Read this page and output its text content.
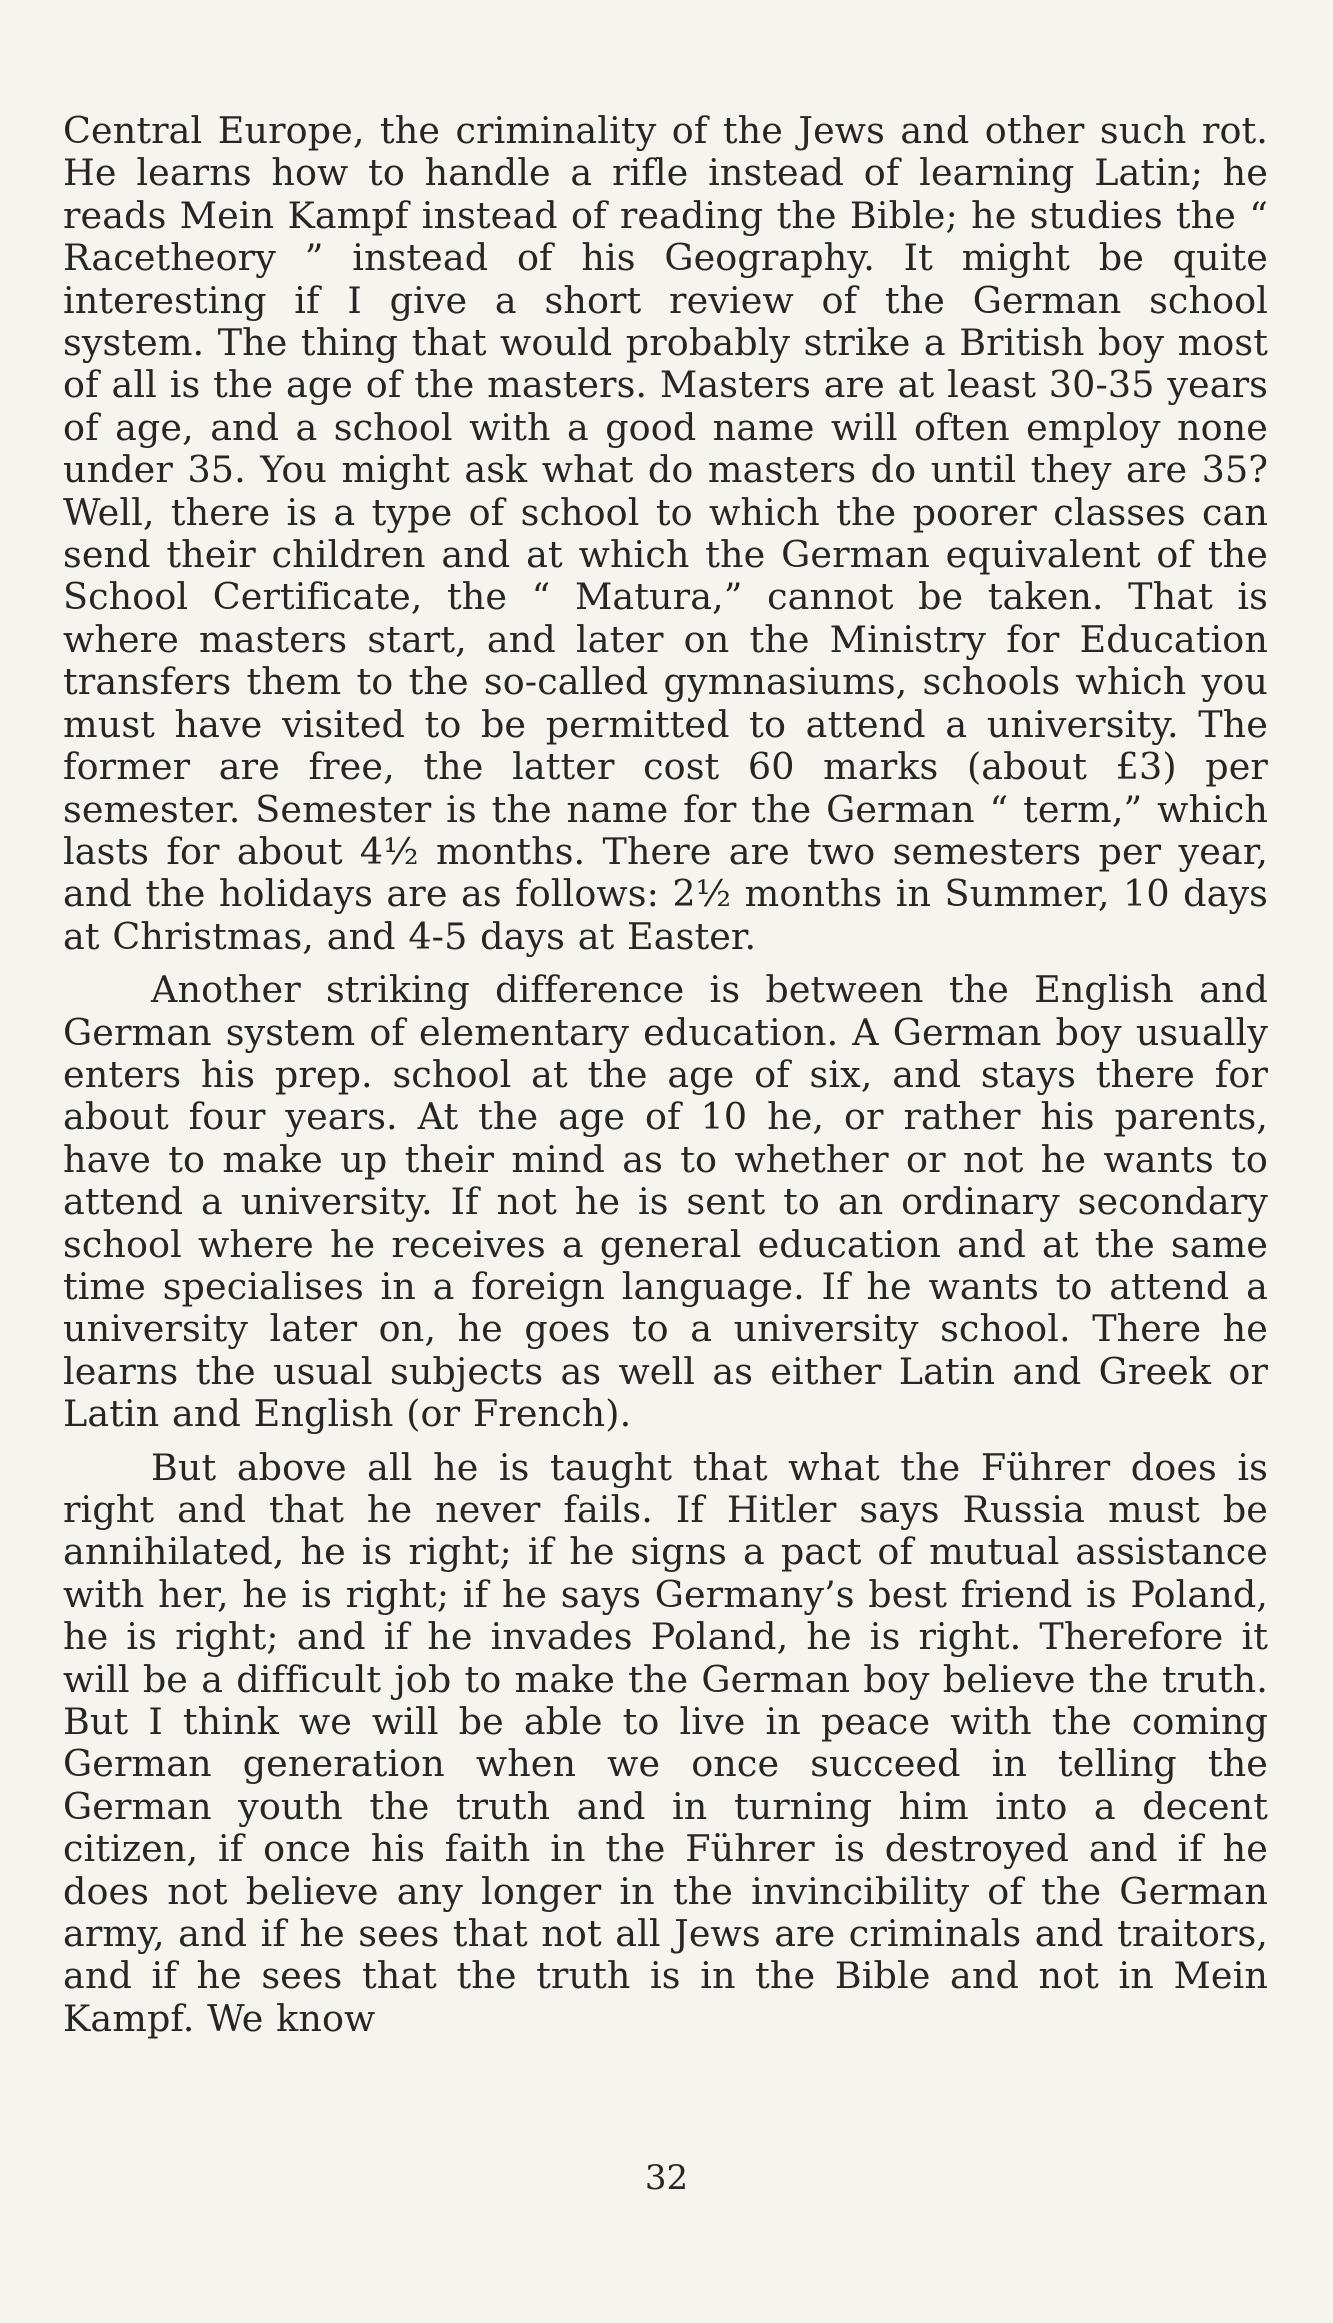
Central Europe, the criminality of the Jews and other such rot. He learns how to handle a rifle instead of learning Latin; he reads Mein Kampf instead of reading the Bible; he studies the “ Racetheory ” instead of his Geography. It might be quite interesting if I give a short review of the German school system. The thing that would probably strike a British boy most of all is the age of the masters. Masters are at least 30-35 years of age, and a school with a good name will often employ none under 35. You might ask what do masters do until they are 35? Well, there is a type of school to which the poorer classes can send their children and at which the German equivalent of the School Certificate, the “ Matura,” cannot be taken. That is where masters start, and later on the Ministry for Education transfers them to the so-called gymnasiums, schools which you must have visited to be permitted to attend a university. The former are free, the latter cost 60 marks (about £3) per semester. Semester is the name for the German “ term,” which lasts for about 4½ months. There are two semesters per year, and the holidays are as follows: 2½ months in Summer, 10 days at Christmas, and 4-5 days at Easter.

Another striking difference is between the English and German system of elementary education. A German boy usually enters his prep. school at the age of six, and stays there for about four years. At the age of 10 he, or rather his parents, have to make up their mind as to whether or not he wants to attend a university. If not he is sent to an ordinary secondary school where he receives a general education and at the same time specialises in a foreign language. If he wants to attend a university later on, he goes to a university school. There he learns the usual subjects as well as either Latin and Greek or Latin and English (or French).

But above all he is taught that what the Führer does is right and that he never fails. If Hitler says Russia must be annihilated, he is right; if he signs a pact of mutual assistance with her, he is right; if he says Germany’s best friend is Poland, he is right; and if he invades Poland, he is right. Therefore it will be a difficult job to make the German boy believe the truth. But I think we will be able to live in peace with the coming German generation when we once succeed in telling the German youth the truth and in turning him into a decent citizen, if once his faith in the Führer is destroyed and if he does not believe any longer in the invincibility of the German army, and if he sees that not all Jews are criminals and traitors, and if he sees that the truth is in the Bible and not in Mein Kampf. We know

32
